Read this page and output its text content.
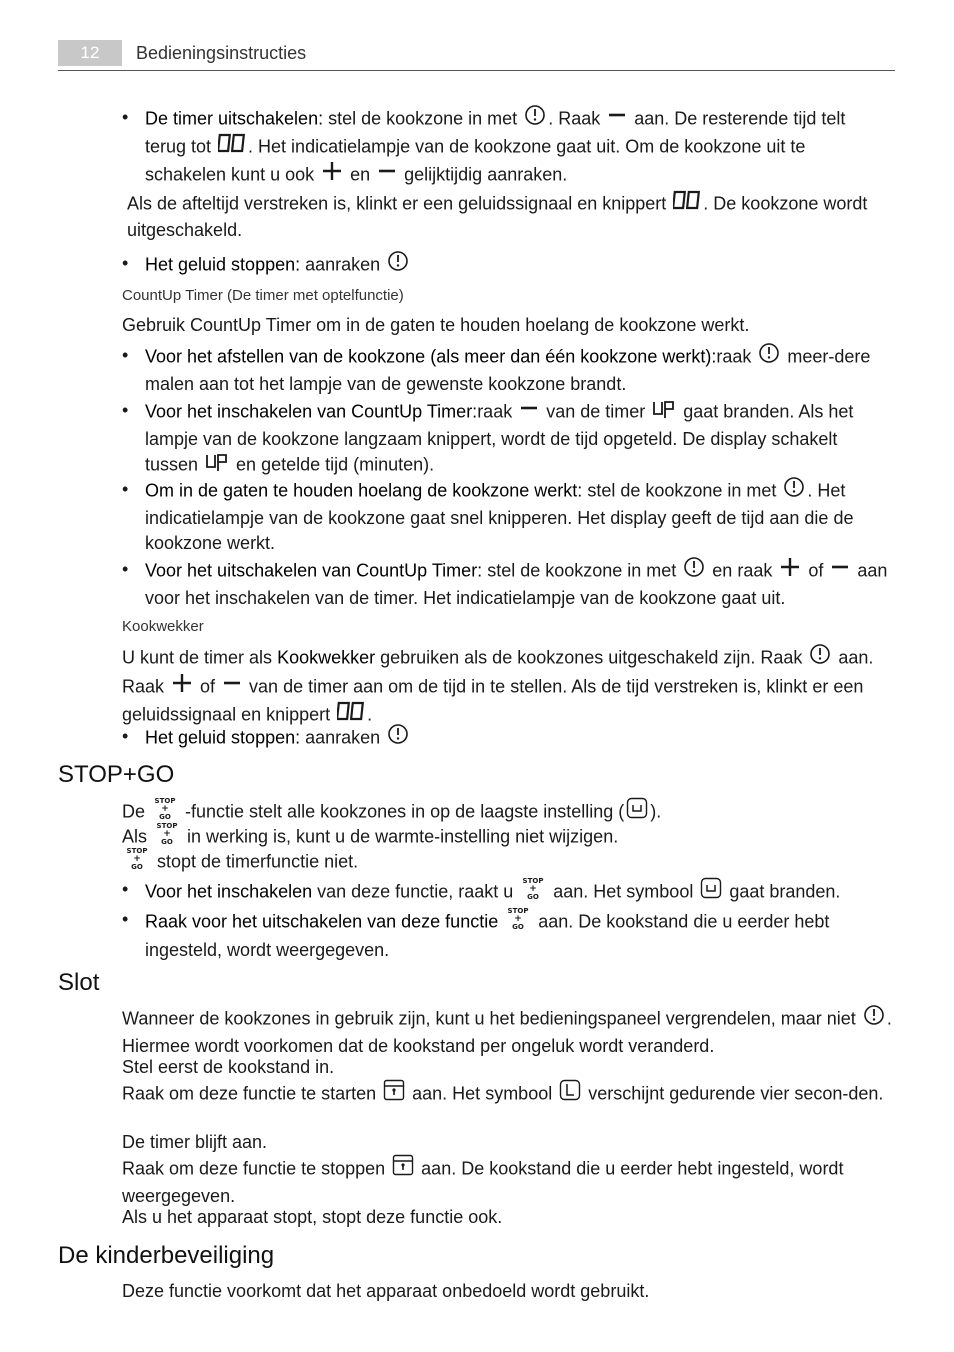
12	Bedieningsinstructies
• De timer uitschakelen: stel de kookzone in met . Raak  aan. De resterende tijd telt terug tot . Het indicatielampje van de kookzone gaat uit. Om de kookzone uit te schakelen kunt u ook  en  gelijktijdig aanraken.
Als de afteltijd verstreken is, klinkt er een geluidssignaal en knippert . De kookzone wordt uitgeschakeld.
• Het geluid stoppen: aanraken
CountUp Timer (De timer met optelfunctie)
Gebruik CountUp Timer om in de gaten te houden hoelang de kookzone werkt.
• Voor het afstellen van de kookzone (als meer dan één kookzone werkt):raak  meer-dere malen aan tot het lampje van de gewenste kookzone brandt.
• Voor het inschakelen van CountUp Timer:raak  van de timer  gaat branden. Als het lampje van de kookzone langzaam knippert, wordt de tijd opgeteld. De display schakelt tussen  en getelde tijd (minuten).
• Om in de gaten te houden hoelang de kookzone werkt: stel de kookzone in met . Het indicatielampje van de kookzone gaat snel knipperen. Het display geeft de tijd aan die de kookzone werkt.
• Voor het uitschakelen van CountUp Timer: stel de kookzone in met  en raak  of  aan voor het inschakelen van de timer. Het indicatielampje van de kookzone gaat uit.
Kookwekker
U kunt de timer als Kookwekker gebruiken als de kookzones uitgeschakeld zijn. Raak  aan. Raak  of  van de timer aan om de tijd in te stellen. Als de tijd verstreken is, klinkt er een geluidssignaal en knippert .
• Het geluid stoppen: aanraken
STOP+GO
De
STOP
+
GO -functie stelt alle kookzones in op de laagste instelling ( ).
Als
STOP
+
GO in werking is, kunt u de warmte-instelling niet wijzigen.
STOP
+
GO stopt de timerfunctie niet.
• Voor het inschakelen van deze functie, raakt u
STOP
+
GO aan. Het symbool  gaat branden.
• Raak voor het uitschakelen van deze functie
STOP
+
GO aan. De kookstand die u eerder hebt ingesteld, wordt weergegeven.
Slot
Wanneer de kookzones in gebruik zijn, kunt u het bedieningspaneel vergrendelen, maar niet . Hiermee wordt voorkomen dat de kookstand per ongeluk wordt veranderd.
Stel eerst de kookstand in.
Raak om deze functie te starten  aan. Het symbool  verschijnt gedurende vier secon-den.
De timer blijft aan.
Raak om deze functie te stoppen  aan. De kookstand die u eerder hebt ingesteld, wordt weergegeven.
Als u het apparaat stopt, stopt deze functie ook.
De kinderbeveiliging
Deze functie voorkomt dat het apparaat onbedoeld wordt gebruikt.
